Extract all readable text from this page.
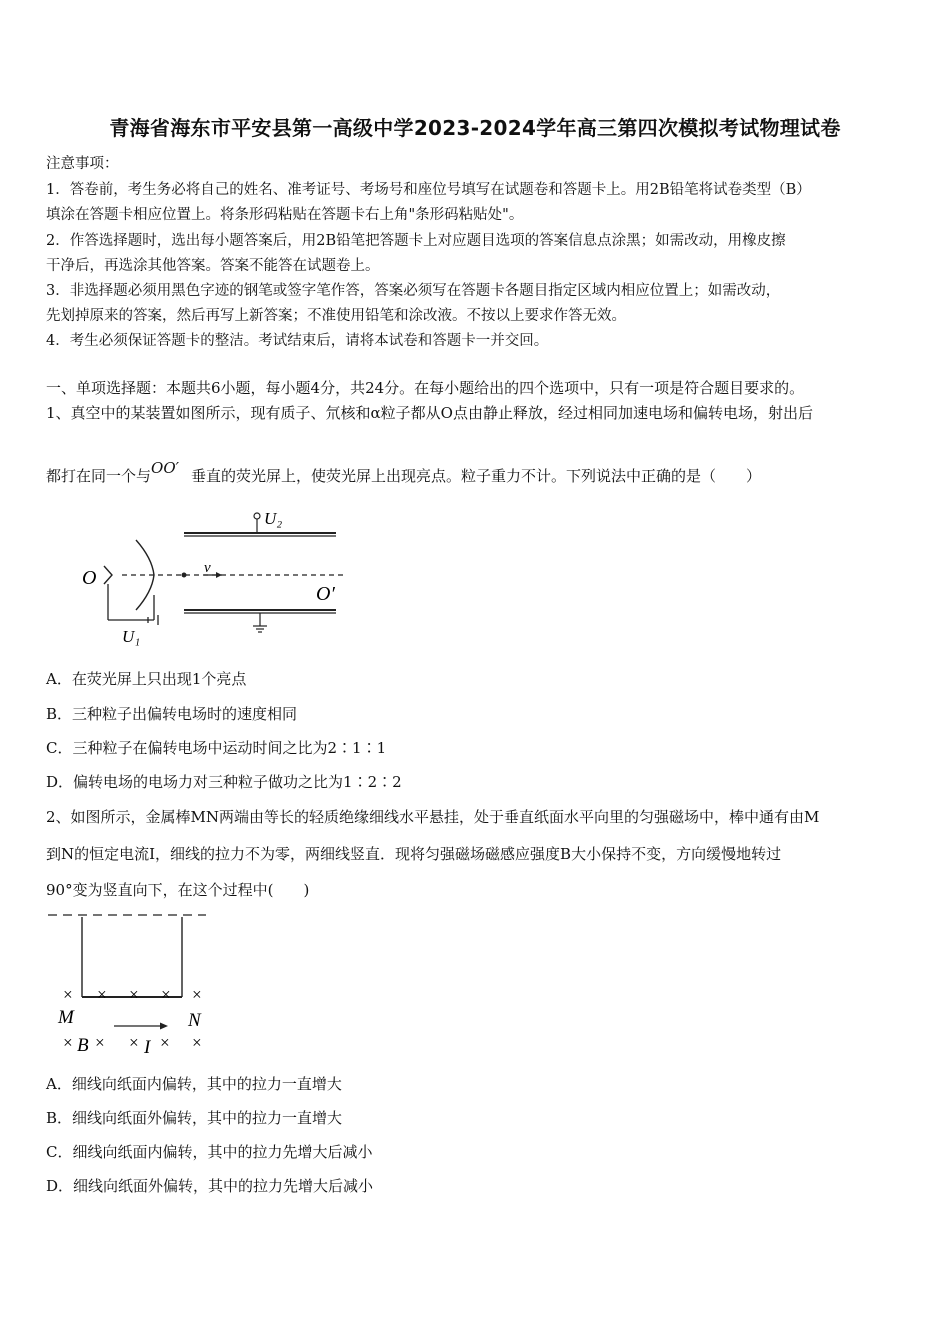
青海省海东市平安县第一高级中学2023-2024学年高三第四次模拟考试物理试卷
注意事项：
1．答卷前，考生务必将自己的姓名、准考证号、考场号和座位号填写在试题卷和答题卡上。用2B铅笔将试卷类型（B）
填涂在答题卡相应位置上。将条形码粘贴在答题卡右上角"条形码粘贴处"。
2．作答选择题时，选出每小题答案后，用2B铅笔把答题卡上对应题目选项的答案信息点涂黑；如需改动，用橡皮擦
干净后，再选涂其他答案。答案不能答在试题卷上。
3．非选择题必须用黑色字迹的钢笔或签字笔作答，答案必须写在答题卡各题目指定区域内相应位置上；如需改动，
先划掉原来的答案，然后再写上新答案；不准使用铅笔和涂改液。不按以上要求作答无效。
4．考生必须保证答题卡的整洁。考试结束后，请将本试卷和答题卡一并交回。
一、单项选择题：本题共6小题，每小题4分，共24分。在每小题给出的四个选项中，只有一项是符合题目要求的。
1、真空中的某装置如图所示，现有质子、氘核和α粒子都从O点由静止释放，经过相同加速电场和偏转电场，射出后
都打在同一个与 OO′ 垂直的荧光屏上，使荧光屏上出现亮点。粒子重力不计。下列说法中正确的是（　　）
U₂
v
O
O′
U₁
A．在荧光屏上只出现1个亮点
B．三种粒子出偏转电场时的速度相同
C．三种粒子在偏转电场中运动时间之比为2∶1∶1
D．偏转电场的电场力对三种粒子做功之比为1∶2∶2
2、如图所示，金属棒MN两端由等长的轻质绝缘细线水平悬挂，处于垂直纸面水平向里的匀强磁场中，棒中通有由M
到N的恒定电流I，细线的拉力不为零，两细线竖直．现将匀强磁场磁感应强度B大小保持不变，方向缓慢地转过
90°变为竖直向下，在这个过程中(　　)
× × × × ×
M	N
× B × × I × ×
A．细线向纸面内偏转，其中的拉力一直增大
B．细线向纸面外偏转，其中的拉力一直增大
C．细线向纸面内偏转，其中的拉力先增大后减小
D．细线向纸面外偏转，其中的拉力先增大后减小
